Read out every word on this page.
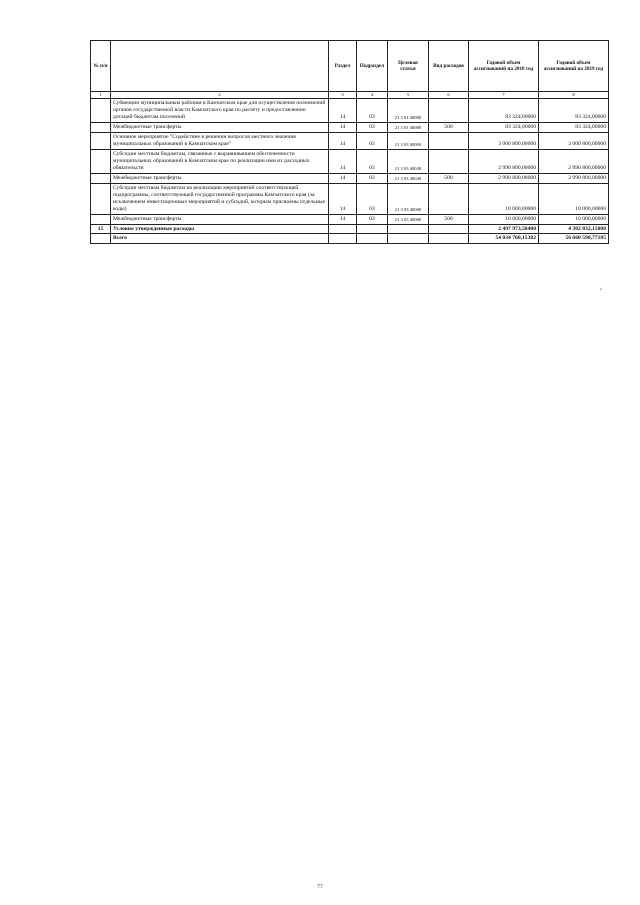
№ п/п		Раздел	Подраздел	Целевая статья	Вид расходов	Годовой объем ассигнований на 2018 год	Годовой объем ассигнований на 2019 год
1	2	3	4	5	6	7	8
	Субвенции муниципальным районам в Камчатском крае для осуществления полномочий органов государственной власти Камчатского края по расчету и предоставлению дотаций бюджетам поселений	14	03	21 3 01 40080		83 324,00000	83 324,00000
	Межбюджетные трансферты	14	03	21 3 01 40080	500	83 324,00000	83 324,00000
	Основное мероприятие "Содействие в решении вопросов местного значения муниципальных образований в Камчатском крае"	14	03	21 3 03 00000		3 000 800,00000	3 000 800,00000
	Субсидии местным бюджетам, связанные с выравниванием обеспеченности муниципальных образований в Камчатском крае по реализации ими их расходных обязательств	14	03	21 3 03 40040		2 990 800,00000	2 990 800,00000
	Межбюджетные трансферты	14	03	21 3 03 40040	500	2 990 800,00000	2 990 800,00000
	Субсидии местным бюджетам на реализацию мероприятий соответствующей подпрограммы, соответствующей государственной программы Камчатского края (за исключением инвестиционных мероприятий и субсидий, которым присвоены отдельные коды)	14	03	21 3 03 40060		10 000,00000	10 000,00000
	Межбюджетные трансферты	14	03	21 3 03 40060	500	10 000,00000	10 000,00000
15	Условно утвержденные расходы					2 497 973,58400	4 302 832,15000
	Всего					54 034 760,15382	56 660 590,77185
»
77
